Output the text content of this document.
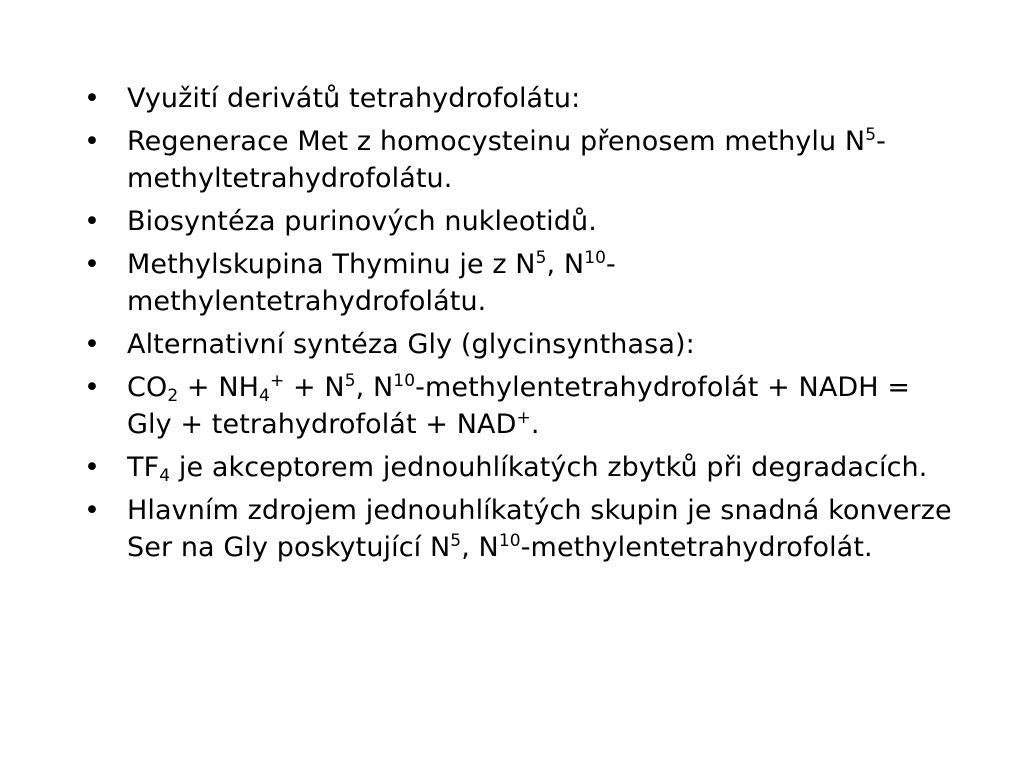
• Využití derivátů tetrahydrofolátu:
• Regenerace Met z homocysteinu přenosem methylu $N^5$-methyltetrahydrofolátu.
• Biosyntéza purinových nukleotidů.
• Methylskupina Thyminu je z $N^5$, $N^{10}$-methylentetrahydrofolátu.
• Alternativní syntéza Gly (glycinsynthasa):
• $CO_2 + NH_4^+ + N^5$, $N^{10}$-methylentetrahydrofolát + NADH = Gly + tetrahydrofolát + NAD+.
• $TF_4$ je akceptorem jednouhlíkatých zbytků při degradacích.
• Hlavním zdrojem jednouhlíkatých skupin je snadná konverze Ser na Gly poskytující $N^5$, $N^{10}$-methylentetrahydrofolát.
